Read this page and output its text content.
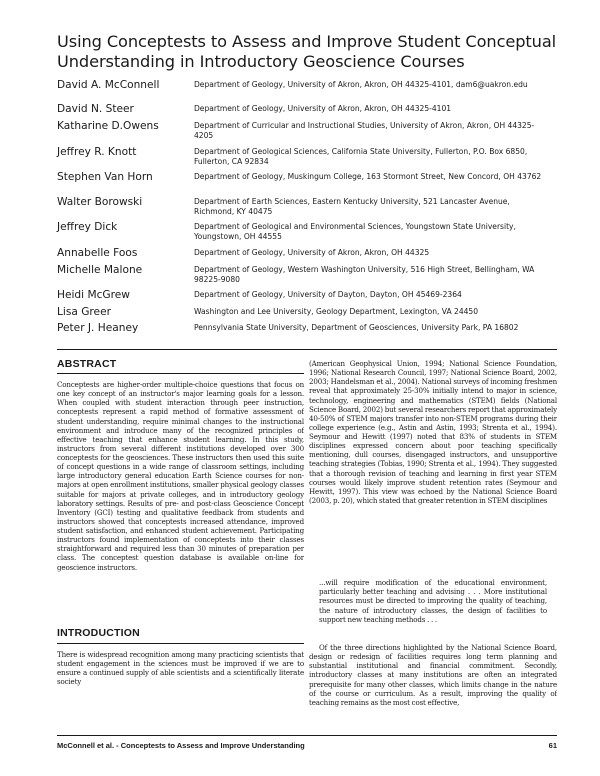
Using Conceptests to Assess and Improve Student Conceptual Understanding in Introductory Geoscience Courses
David A. McConnell	Department of Geology, University of Akron, Akron, OH 44325-4101, dam6@uakron.edu
David N. Steer	Department of Geology, University of Akron, Akron, OH 44325-4101
Katharine D.Owens	Department of Curricular and Instructional Studies, University of Akron, Akron, OH 44325-4205
Jeffrey R. Knott	Department of Geological Sciences, California State University, Fullerton, P.O. Box 6850, Fullerton, CA 92834
Stephen Van Horn	Department of Geology, Muskingum College, 163 Stormont Street, New Concord, OH 43762
Walter Borowski	Department of Earth Sciences, Eastern Kentucky University, 521 Lancaster Avenue, Richmond, KY 40475
Jeffrey Dick	Department of Geological and Environmental Sciences, Youngstown State University, Youngstown, OH 44555
Annabelle Foos	Department of Geology, University of Akron, Akron, OH 44325
Michelle Malone	Department of Geology, Western Washington University, 516 High Street, Bellingham, WA 98225-9080
Heidi McGrew	Department of Geology, University of Dayton, Dayton, OH 45469-2364
Lisa Greer	Washington and Lee University, Geology Department, Lexington, VA 24450
Peter J. Heaney	Pennsylvania State University, Department of Geosciences, University Park, PA 16802
ABSTRACT
Conceptests are higher-order multiple-choice questions that focus on one key concept of an instructor's major learning goals for a lesson. When coupled with student interaction through peer instruction, conceptests represent a rapid method of formative assessment of student understanding, require minimal changes to the instructional environment and introduce many of the recognized principles of effective teaching that enhance student learning. In this study, instructors from several different institutions developed over 300 conceptests for the geosciences. These instructors then used this suite of concept questions in a wide range of classroom settings, including large introductory general education Earth Science courses for non-majors at open enrollment institutions, smaller physical geology classes suitable for majors at private colleges, and in introductory geology laboratory settings. Results of pre- and post-class Geoscience Concept Inventory (GCI) testing and qualitative feedback from students and instructors showed that conceptests increased attendance, improved student satisfaction, and enhanced student achievement. Participating instructors found implementation of conceptests into their classes straightforward and required less than 30 minutes of preparation per class. The conceptest question database is available on-line for geoscience instructors.
INTRODUCTION
There is widespread recognition among many practicing scientists that student engagement in the sciences must be improved if we are to ensure a continued supply of able scientists and a scientifically literate society
(American Geophysical Union, 1994; National Science Foundation, 1996; National Research Council, 1997; National Science Board, 2002, 2003; Handelsman et al., 2004). National surveys of incoming freshmen reveal that approximately 25-30% initially intend to major in science, technology, engineering and mathematics (STEM) fields (National Science Board, 2002) but several researchers report that approximately 40-50% of STEM majors transfer into non-STEM programs during their college experience (e.g., Astin and Astin, 1993; Strenta et al., 1994). Seymour and Hewitt (1997) noted that 83% of students in STEM disciplines expressed concern about poor teaching specifically mentioning, dull courses, disengaged instructors, and unsupportive teaching strategies (Tobias, 1990; Strenta et al., 1994). They suggested that a thorough revision of teaching and learning in first year STEM courses would likely improve student retention rates (Seymour and Hewitt, 1997). This view was echoed by the National Science Board (2003, p. 20), which stated that greater retention in STEM disciplines
...will require modification of the educational environment, particularly better teaching and advising . . . More institutional resources must be directed to improving the quality of teaching, the nature of introductory classes, the design of facilities to support new teaching methods . . .
Of the three directions highlighted by the National Science Board, design or redesign of facilities requires long term planning and substantial institutional and financial commitment. Secondly, introductory classes at many institutions are often an integrated prerequisite for many other classes, which limits change in the nature of the course or curriculum. As a result, improving the quality of teaching remains as the most cost effective,
McConnell et al. - Conceptests to Assess and Improve Understanding	61
